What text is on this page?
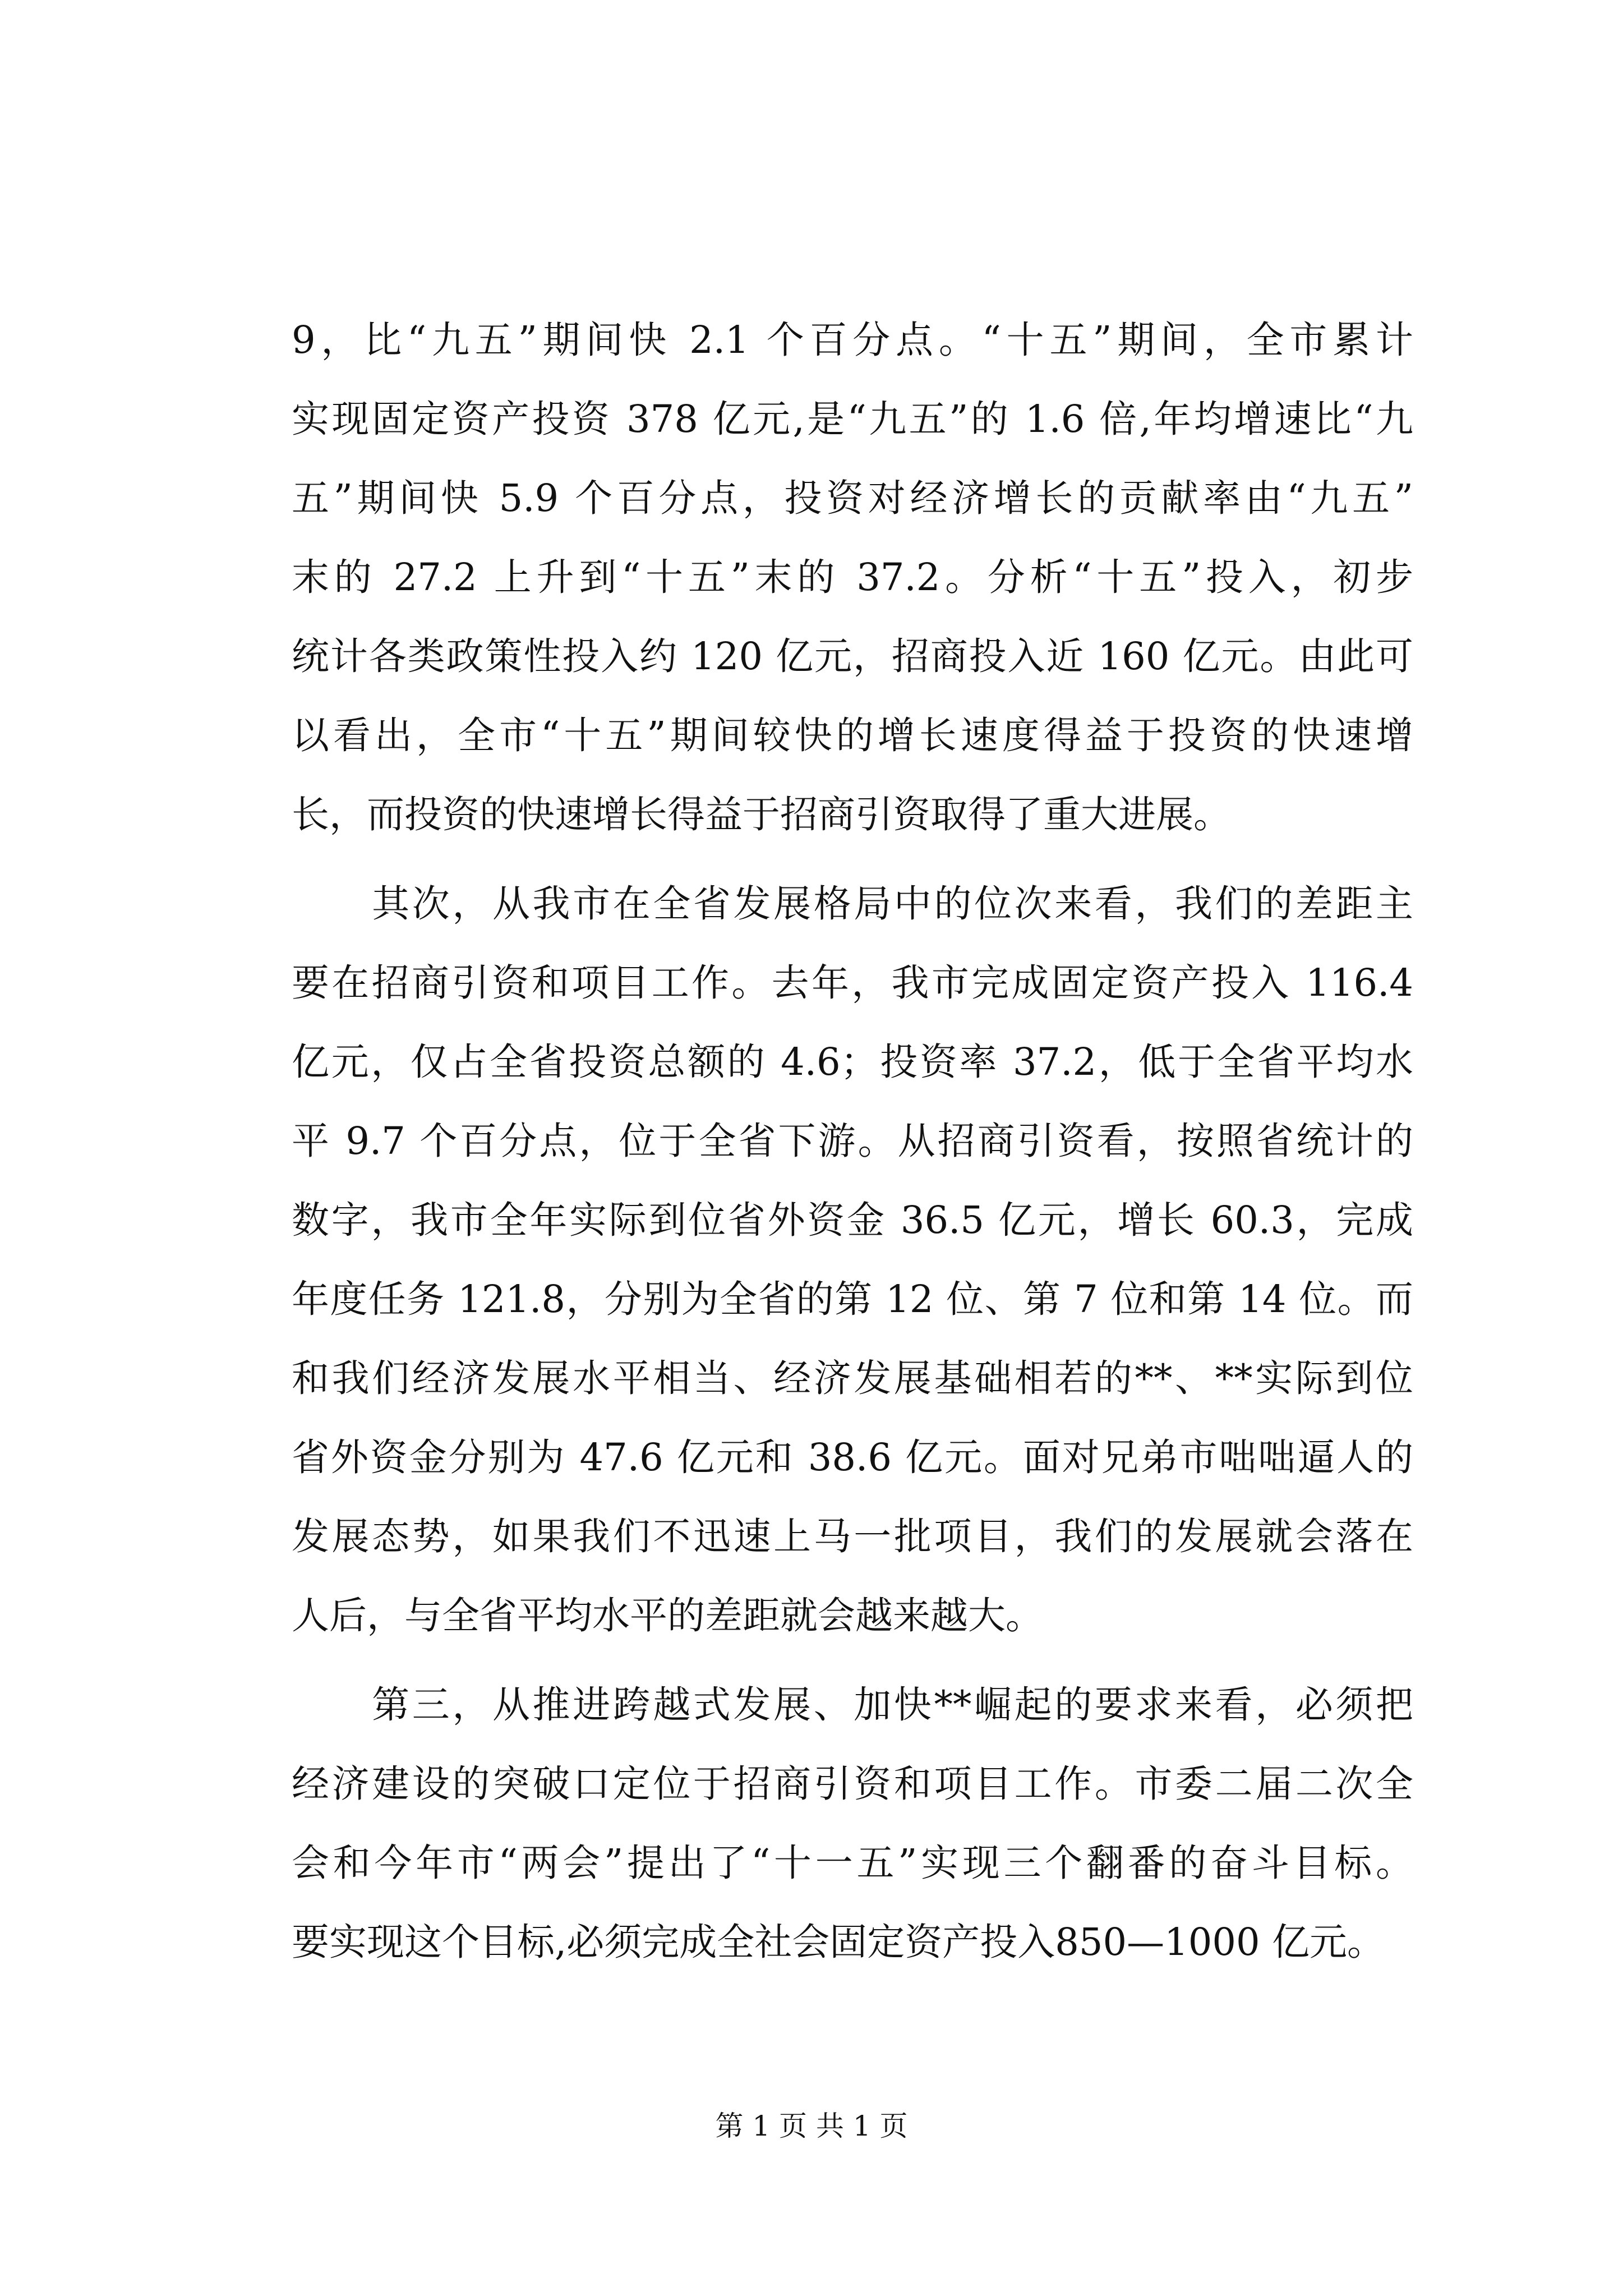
9，比“九五”期间快 2.1 个百分点。“十五”期间，全市累计
实现固定资产投资 378 亿元,是“九五”的 1.6 倍,年均增速比“九
五”期间快 5.9 个百分点，投资对经济增长的贡献率由“九五”
末的 27.2 上升到“十五”末的 37.2。分析“十五”投入，初步
统计各类政策性投入约 120 亿元，招商投入近 160 亿元。由此可
以看出，全市“十五”期间较快的增长速度得益于投资的快速增
长，而投资的快速增长得益于招商引资取得了重大进展。
　　其次，从我市在全省发展格局中的位次来看，我们的差距主
要在招商引资和项目工作。去年，我市完成固定资产投入 116.4
亿元，仅占全省投资总额的 4.6；投资率 37.2，低于全省平均水
平 9.7 个百分点，位于全省下游。从招商引资看，按照省统计的
数字，我市全年实际到位省外资金 36.5 亿元，增长 60.3，完成
年度任务 121.8，分别为全省的第 12 位、第 7 位和第 14 位。而
和我们经济发展水平相当、经济发展基础相若的**、**实际到位
省外资金分别为 47.6 亿元和 38.6 亿元。面对兄弟市咄咄逼人的
发展态势，如果我们不迅速上马一批项目，我们的发展就会落在
人后，与全省平均水平的差距就会越来越大。
　　第三，从推进跨越式发展、加快**崛起的要求来看，必须把
经济建设的突破口定位于招商引资和项目工作。市委二届二次全
会和今年市“两会”提出了“十一五”实现三个翻番的奋斗目标。
要实现这个目标,必须完成全社会固定资产投入850—1000 亿元。
第 1 页 共 1 页
